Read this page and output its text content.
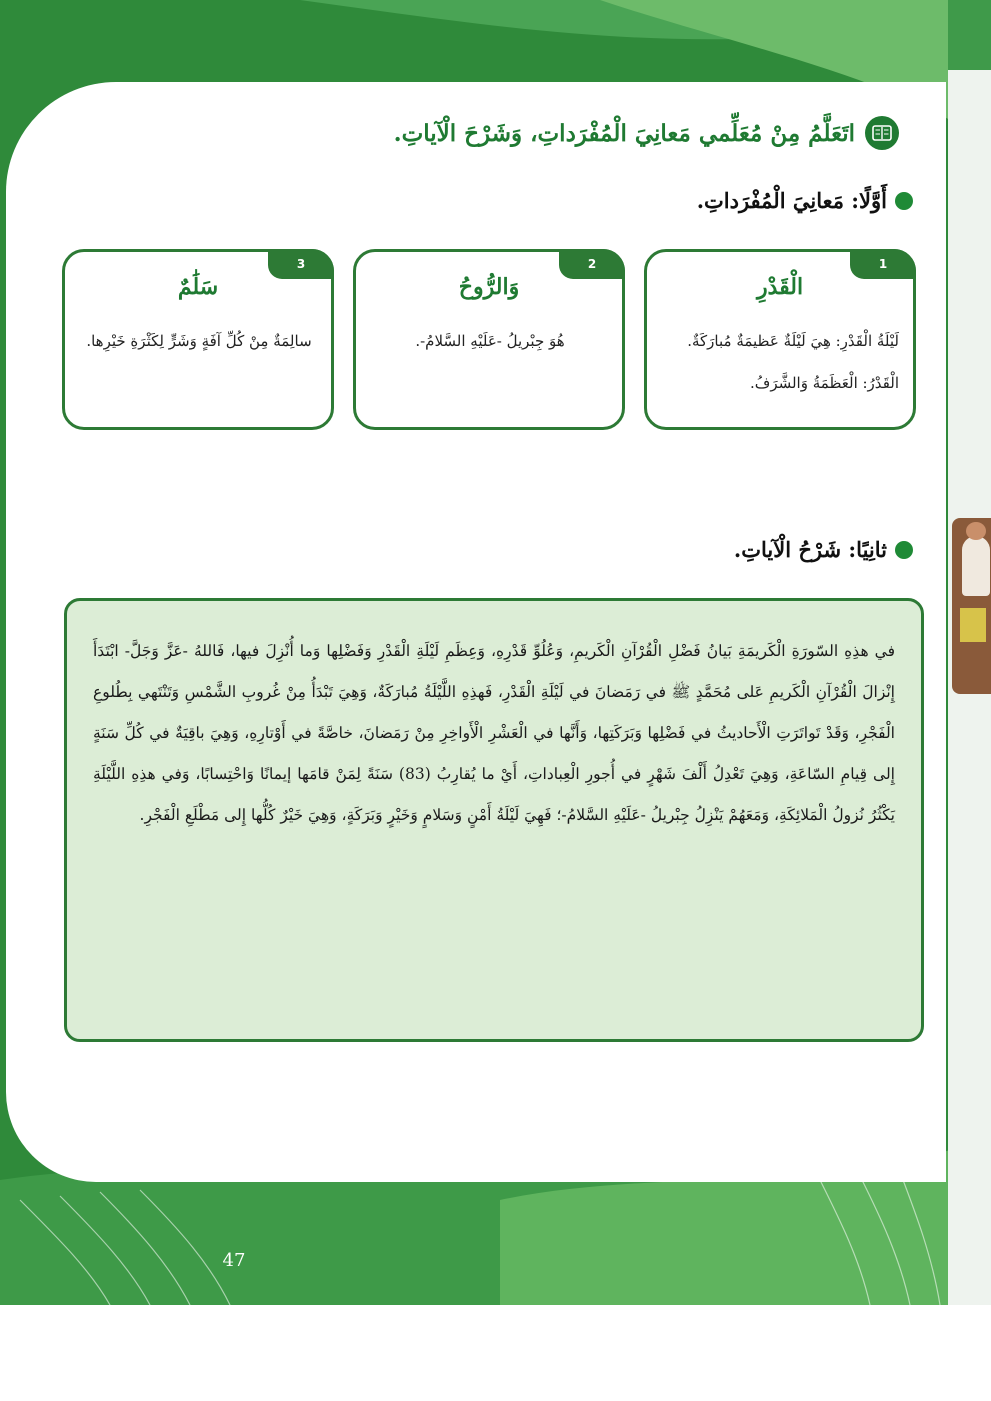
اتَعَلَّمُ مِنْ مُعَلِّمي مَعانِيَ الْمُفْرَداتِ، وَشَرْحَ الْآياتِ.
أَوَّلًا: مَعانِيَ الْمُفْرَداتِ.
1
الْقَدْرِ
لَيْلَةُ الْقَدْرِ: هِيَ لَيْلَةٌ عَظيمَةٌ مُبارَكَةٌ. الْقَدْرُ: الْعَظَمَةُ وَالشَّرَفُ.
2
وَالرُّوحُ
هُوَ جِبْريلُ -عَلَيْهِ السَّلامُ-.
3
سَلَٰمٌ
سالِمَةٌ مِنْ كُلِّ آفَةٍ وَشَرٍّ لِكَثْرَةِ خَيْرِها.
ثانِيًا: شَرْحُ الْآياتِ.
في هذِهِ السّورَةِ الْكَريمَةِ بَيانُ فَضْلِ الْقُرْآنِ الْكَريمِ، وَعُلُوِّ قَدْرِهِ، وَعِظَمِ لَيْلَةِ الْقَدْرِ وَفَضْلِها وَما أُنْزِلَ فيها، فَاللهُ -عَزَّ وَجَلَّ- ابْتَدَأَ إِنْزالَ الْقُرْآنِ الْكَريمِ عَلى مُحَمَّدٍ ﷺ في رَمَضانَ في لَيْلَةِ الْقَدْرِ، فَهذِهِ اللَّيْلَةُ مُبارَكَةٌ، وَهِيَ تَبْدَأُ مِنْ غُروبِ الشَّمْسِ وَتَنْتَهي بِطُلوعِ الْفَجْرِ، وَقَدْ تَواتَرَتِ الْأَحاديثُ في فَضْلِها وَبَرَكَتِها، وَأَنَّها في الْعَشْرِ الْأَواخِرِ مِنْ رَمَضانَ، خاصَّةً في أَوْتارِهِ، وَهِيَ باقِيَةٌ في كُلِّ سَنَةٍ إِلى قِيامِ السّاعَةِ، وَهِيَ تَعْدِلُ أَلْفَ شَهْرٍ في أُجورِ الْعِباداتِ، أَيْ ما يُقارِبُ (83) سَنَةً لِمَنْ قامَها إيمانًا وَاحْتِسابًا، وَفي هذِهِ اللَّيْلَةِ يَكْثُرُ نُزولُ الْمَلائِكَةِ، وَمَعَهُمْ يَنْزِلُ جِبْريلُ -عَلَيْهِ السَّلامُ-؛ فَهِيَ لَيْلَةُ أَمْنٍ وَسَلامٍ وَخَيْرٍ وَبَرَكَةٍ، وَهِيَ خَيْرٌ كُلُّها إِلى مَطْلَعِ الْفَجْرِ.
47
